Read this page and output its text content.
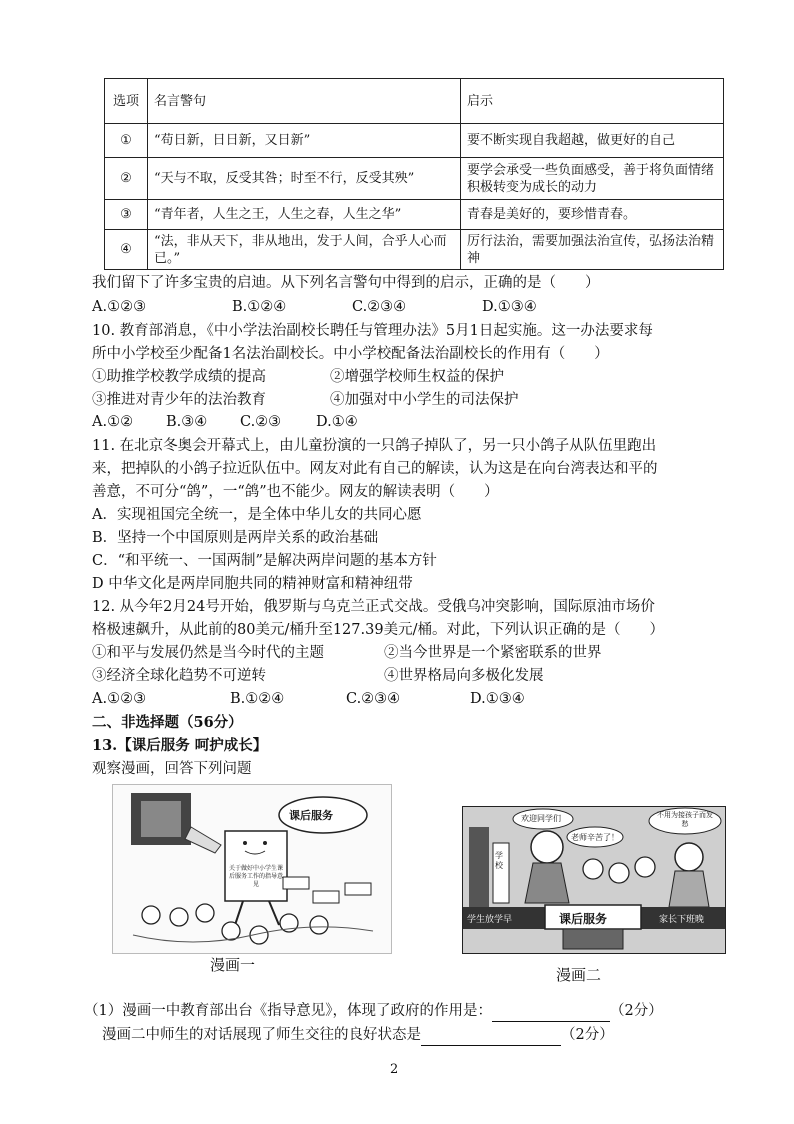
选项	名言警句	启示
①	“苟日新，日日新，又日新”	要不断实现自我超越，做更好的自己
②	“天与不取，反受其咎；时至不行，反受其殃”	要学会承受一些负面感受，善于将负面情绪积极转变为成长的动力
③	“青年者，人生之王，人生之春，人生之华”	青春是美好的，要珍惜青春。
④	“法，非从天下，非从地出，发于人间，合乎人心而已。”	厉行法治，需要加强法治宣传，弘扬法治精神
我们留下了许多宝贵的启迪。从下列名言警句中得到的启示，正确的是（　　）
A.①②③	B.①②④	C.②③④	D.①③④
10. 教育部消息，《中小学法治副校长聘任与管理办法》5月1日起实施。这一办法要求每
所中小学校至少配备1名法治副校长。中小学校配备法治副校长的作用有（　　）
①助推学校教学成绩的提高	②增强学校师生权益的保护
③推进对青少年的法治教育	④加强对中小学生的司法保护
A.①② B.③④ C.②③ D.①④
11. 在北京冬奥会开幕式上，由儿童扮演的一只鸽子掉队了，另一只小鸽子从队伍里跑出
来，把掉队的小鸽子拉近队伍中。网友对此有自己的解读，认为这是在向台湾表达和平的
善意，不可分“鸽”，一“鸽”也不能少。网友的解读表明（　　）
A．实现祖国完全统一，是全体中华儿女的共同心愿
B．坚持一个中国原则是两岸关系的政治基础
C．“和平统一、一国两制”是解决两岸问题的基本方针
D 中华文化是两岸同胞共同的精神财富和精神纽带
12. 从今年2月24号开始，俄罗斯与乌克兰正式交战。受俄乌冲突影响，国际原油市场价
格极速飙升，从此前的80美元/桶升至127.39美元/桶。对此，下列认识正确的是（　　）
①和平与发展仍然是当今时代的主题	②当今世界是一个紧密联系的世界
③经济全球化趋势不可逆转	④世界格局向多极化发展
A.①②③	B.①②④	C.②③④	D.①③④
二、非选择题（56分）
13.【课后服务 呵护成长】
观察漫画，回答下列问题
课后服务
关于做好中小学生课后服务工作的指导意见
漫画一
欢迎同学们	不用为接孩子而发愁
老师辛苦了！
学校
学生放学早	课后服务	家长下班晚
漫画二
（1）漫画一中教育部出台《指导意见》，体现了政府的作用是：	（2分）
漫画二中师生的对话展现了师生交往的良好状态是	（2分）
2
